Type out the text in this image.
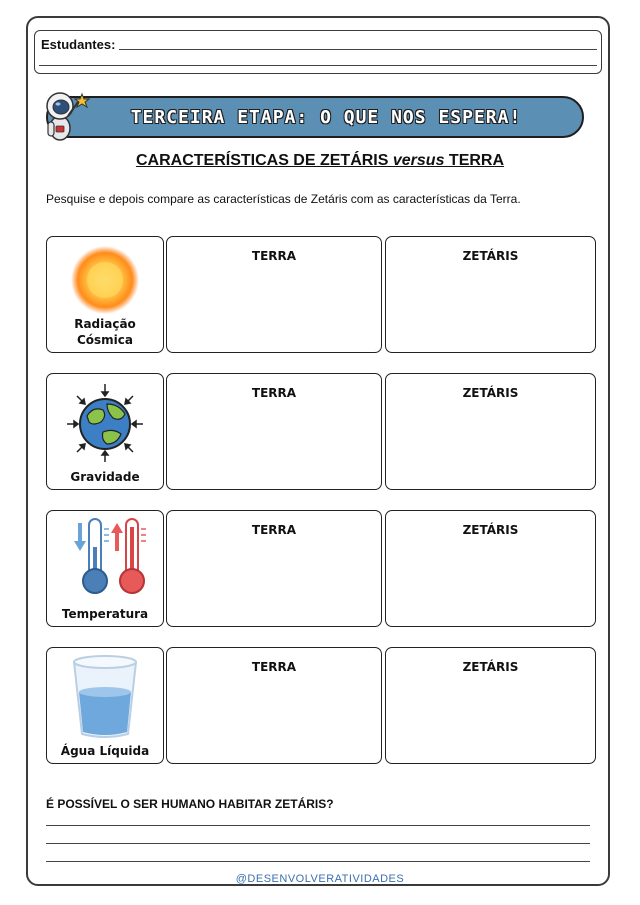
Estudantes:
TERCEIRA ETAPA: O QUE NOS ESPERA!
CARACTERÍSTICAS DE ZETÁRIS versus TERRA
Pesquise e depois compare as características de Zetáris com as características da Terra.
Radiação Cósmica
TERRA	ZETÁRIS
Gravidade
TERRA	ZETÁRIS
Temperatura
TERRA	ZETÁRIS
Água Líquida
TERRA	ZETÁRIS
É POSSÍVEL O SER HUMANO HABITAR ZETÁRIS?
@DESENVOLVERATIVIDADES
